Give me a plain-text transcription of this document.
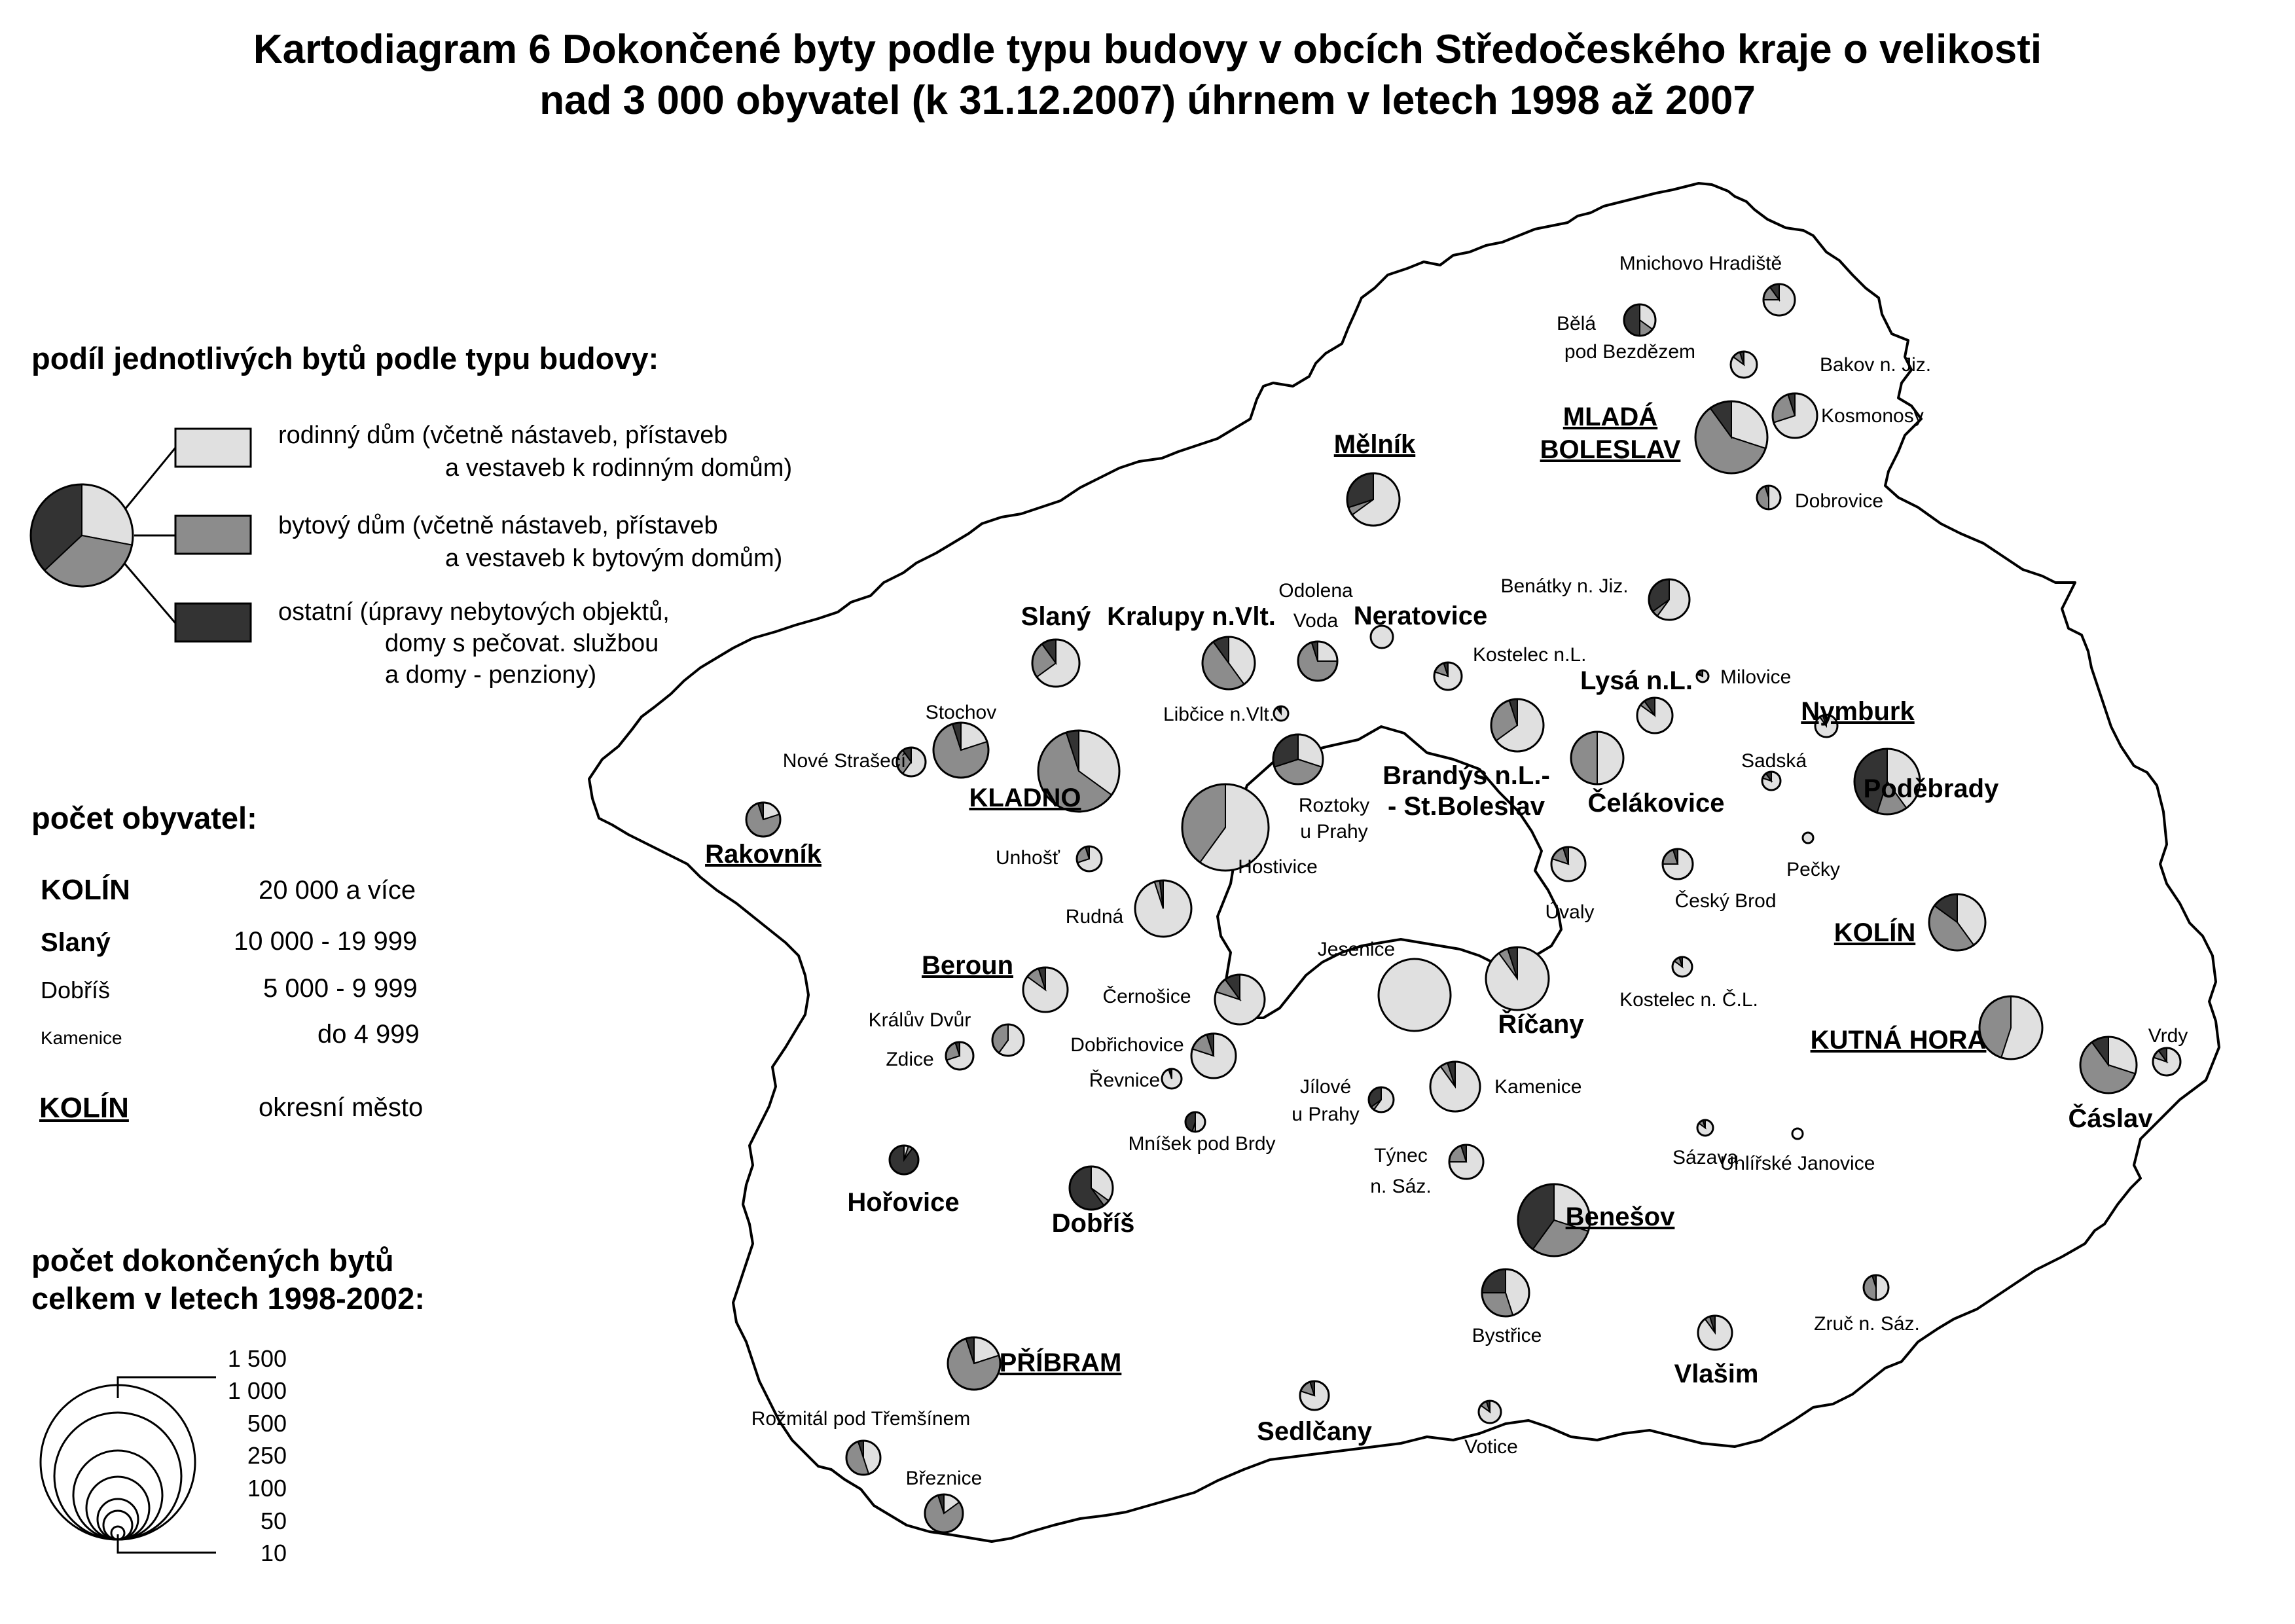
Kartodiagram 6 Dokončené byty podle typu budovy v obcích Středočeského kraje o velikosti
nad 3 000 obyvatel (k 31.12.2007) úhrnem v letech 1998 až 2007
podíl jednotlivých bytů podle typu budovy:
rodinný dům (včetně nástaveb, přístaveb
a vestaveb k rodinným domům)
bytový dům (včetně nástaveb, přístaveb
a vestaveb k bytovým domům)
ostatní (úpravy nebytových objektů,
domy s pečovat. službou
a domy - penziony)
počet obyvatel:
KOLÍN	20 000 a více
Slaný	10 000 - 19 999
Dobříš	5 000 - 9 999
Kamenice	do 4 999
KOLÍN	okresní město
počet dokončených bytů
celkem v letech 1998-2002:
1 500
1 000
500
250
100
50
10
Mnichovo Hradiště
Bělá
pod Bezdězem
Bakov n. Jiz.
Kosmonosy
MLADÁ
BOLESLAV
Dobrovice
Mělník
Benátky n. Jiz.
Odolena
Voda Neratovice
Kostelec n.L.
Slaný Kralupy n.Vlt.
Lysá n.L. Milovice
Nymburk
Libčice n.Vlt.
Stochov
Nové Strašecí
KLADNO
Brandýs n.L.-
- St.Boleslav Čelákovice
Sadská
Poděbrady
Rakovník
Roztoky
u Prahy
Hostivice
Unhošť
Pečky
Úvaly
Český Brod
Rudná
KOLÍN
Beroun
Jesenice
Černošice
Říčany
Kostelec n. Č.L.
Králův Dvůr
KUTNÁ HORA
Zdice
Dobřichovice
Řevnice	Jílové
u Prahy
Kamenice
Vrdy
Čáslav
Mníšek pod Brdy
Hořovice
Sázava
Týnec
n. Sáz.
Uhlířské Janovice
Dobříš	Benešov
Zruč n. Sáz.
Bystřice
PŘÍBRAM	Vlašim
Sedlčany
Votice
Rožmitál pod Třemšínem
Březnice
